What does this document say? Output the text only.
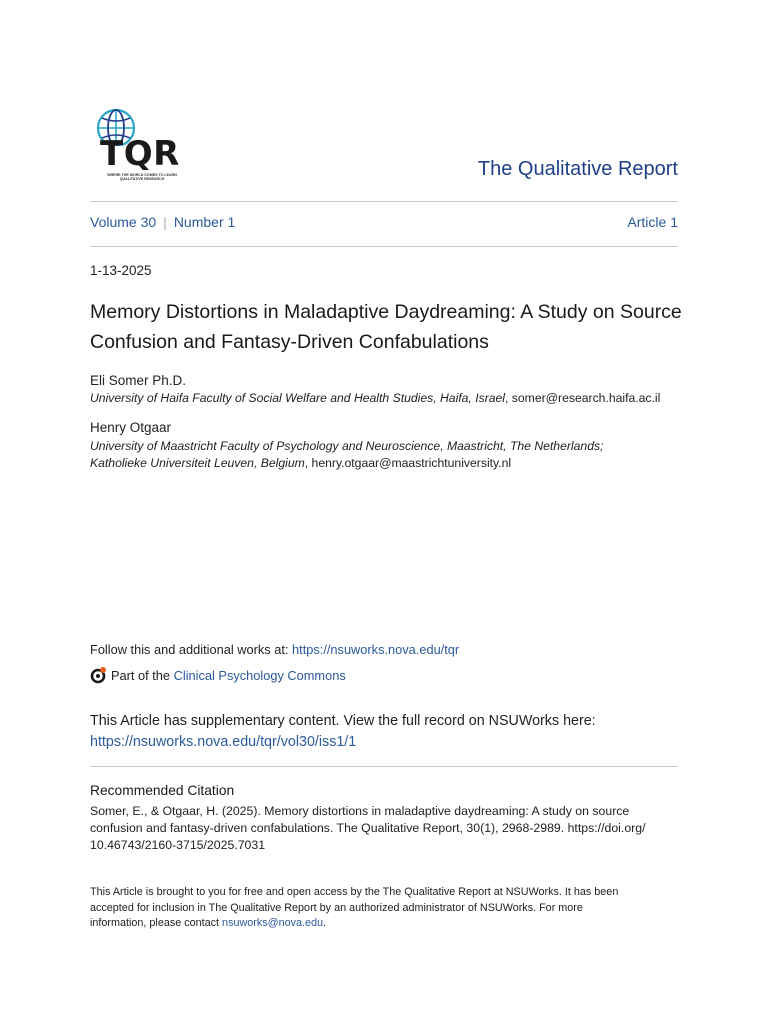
TQR
WHERE THE WORLD COMES TO LEARN QUALITATIVE RESEARCH	The Qualitative Report
Volume 30 | Number 1	Article 1
1-13-2025
Memory Distortions in Maladaptive Daydreaming: A Study on Source Confusion and Fantasy-Driven Confabulations
Eli Somer Ph.D.
University of Haifa Faculty of Social Welfare and Health Studies, Haifa, Israel, somer@research.haifa.ac.il
Henry Otgaar
University of Maastricht Faculty of Psychology and Neuroscience, Maastricht, The Netherlands;
Katholieke Universiteit Leuven, Belgium, henry.otgaar@maastrichtuniversity.nl
Follow this and additional works at: https://nsuworks.nova.edu/tqr
Part of the
Clinical Psychology Commons
This Article has supplementary content. View the full record on NSUWorks here:
https://nsuworks.nova.edu/tqr/vol30/iss1/1
Recommended Citation
Somer, E., & Otgaar, H. (2025). Memory distortions in maladaptive daydreaming: A study on source
confusion and fantasy-driven confabulations. The Qualitative Report, 30(1), 2968-2989. https://doi.org/
10.46743/2160-3715/2025.7031
This Article is brought to you for free and open access by the The Qualitative Report at NSUWorks. It has been
accepted for inclusion in The Qualitative Report by an authorized administrator of NSUWorks. For more
information, please contact nsuworks@nova.edu.
